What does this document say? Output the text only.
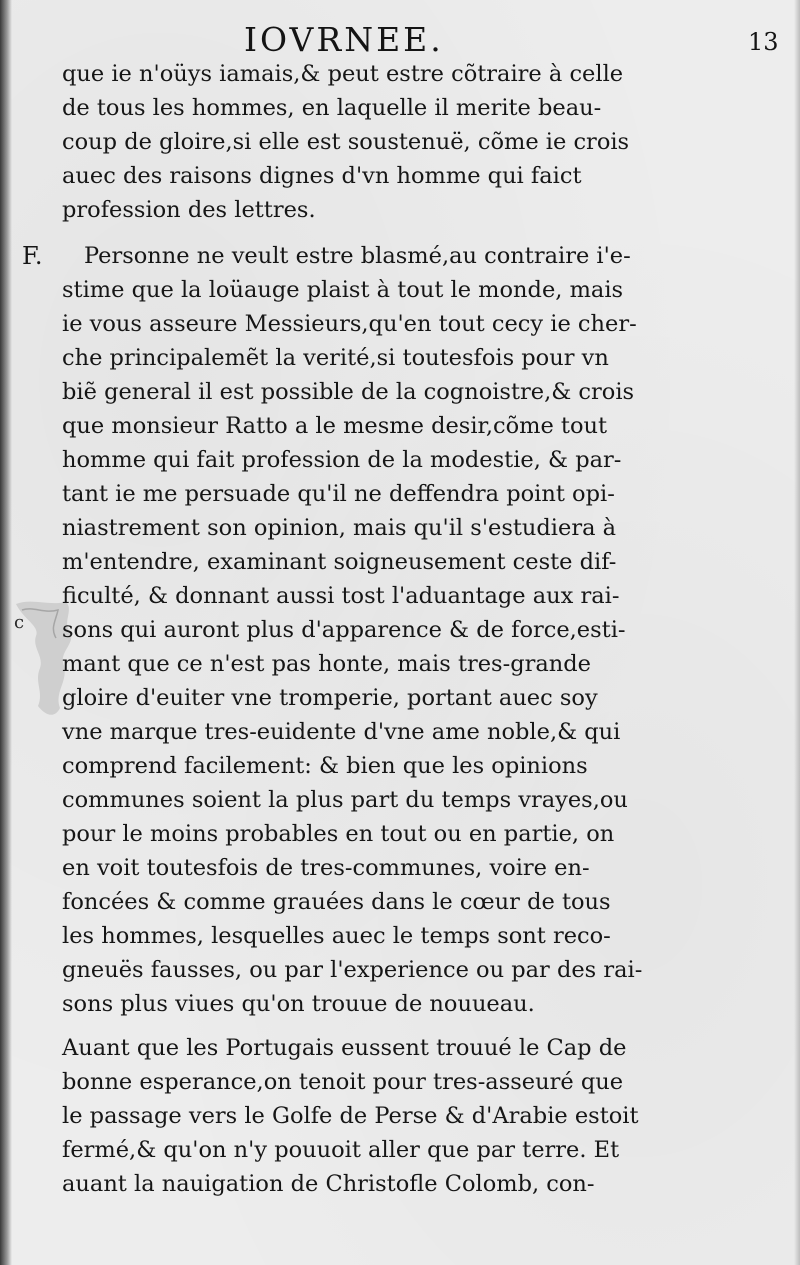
IOVRNEE.	13
c
F.
que ie n'oüys iamais,& peut estre cõtraire à celle
de tous les hommes, en laquelle il merite beau-
coup de gloire,si elle est soustenuë, cõme ie crois
auec des raisons dignes d'vn homme qui faict
profession des lettres.
Personne ne veult estre blasmé,au contraire i'e-
stime que la loüauge plaist à tout le monde, mais
ie vous asseure Messieurs,qu'en tout cecy ie cher-
che principalemẽt la verité,si toutesfois pour vn
biẽ general il est possible de la cognoistre,& crois
que monsieur Ratto a le mesme desir,cõme tout
homme qui fait profession de la modestie, & par-
tant ie me persuade qu'il ne deffendra point opi-
niastrement son opinion, mais qu'il s'estudiera à
m'entendre, examinant soigneusement ceste dif-
ficulté, & donnant aussi tost l'aduantage aux rai-
sons qui auront plus d'apparence & de force,esti-
mant que ce n'est pas honte, mais tres-grande
gloire d'euiter vne tromperie, portant auec soy
vne marque tres-euidente d'vne ame noble,& qui
comprend facilement: & bien que les opinions
communes soient la plus part du temps vrayes,ou
pour le moins probables en tout ou en partie, on
en voit toutesfois de tres-communes, voire en-
foncées & comme grauées dans le cœur de tous
les hommes, lesquelles auec le temps sont reco-
gneuës fausses, ou par l'experience ou par des rai-
sons plus viues qu'on trouue de nouueau.
Auant que les Portugais eussent trouué le Cap de
bonne esperance,on tenoit pour tres-asseuré que
le passage vers le Golfe de Perse & d'Arabie estoit
fermé,& qu'on n'y pouuoit aller que par terre. Et
auant la nauigation de Christofle Colomb, con-
